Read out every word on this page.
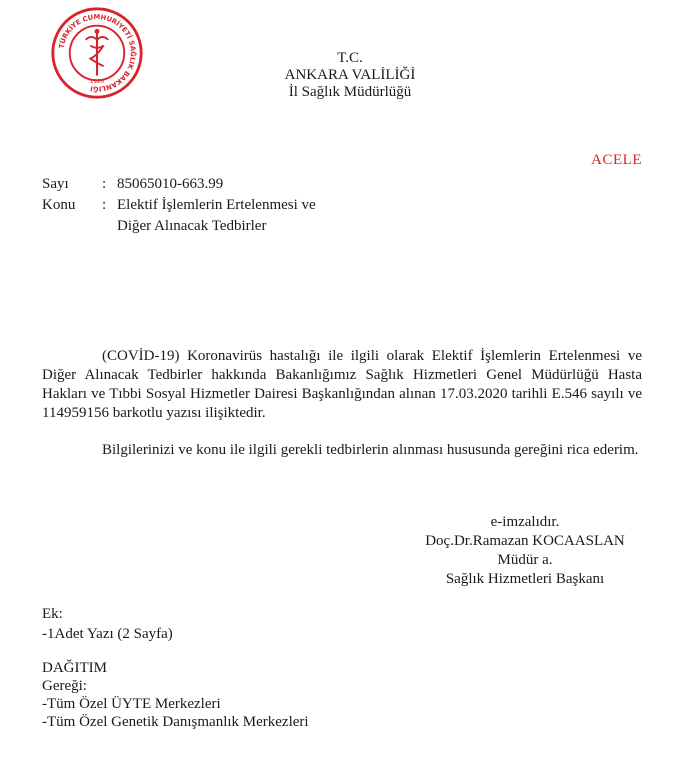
TÜRKİYE CUMHURİYETİ SAĞLIK BAKANLIĞI
1920
T.C.
ANKARA VALİLİĞİ
İl Sağlık Müdürlüğü
ACELE
Sayı	: 85065010-663.99
Konu	: Elektif İşlemlerin Ertelenmesi ve
Diğer Alınacak Tedbirler
(COVİD-19) Koronavirüs hastalığı ile ilgili olarak Elektif İşlemlerin Ertelenmesi ve Diğer Alınacak Tedbirler hakkında Bakanlığımız Sağlık Hizmetleri Genel Müdürlüğü Hasta Hakları ve Tıbbi Sosyal Hizmetler Dairesi Başkanlığından alınan 17.03.2020 tarihli E.546 sayılı ve 114959156 barkotlu yazısı ilişiktedir.
Bilgilerinizi ve konu ile ilgili gerekli tedbirlerin alınması hususunda gereğini rica ederim.
e-imzalıdır.
Doç.Dr.Ramazan KOCAASLAN
Müdür a.
Sağlık Hizmetleri Başkanı
Ek:
-1Adet Yazı (2 Sayfa)
DAĞITIM
Gereği:
-Tüm Özel ÜYTE Merkezleri
-Tüm Özel Genetik Danışmanlık Merkezleri
